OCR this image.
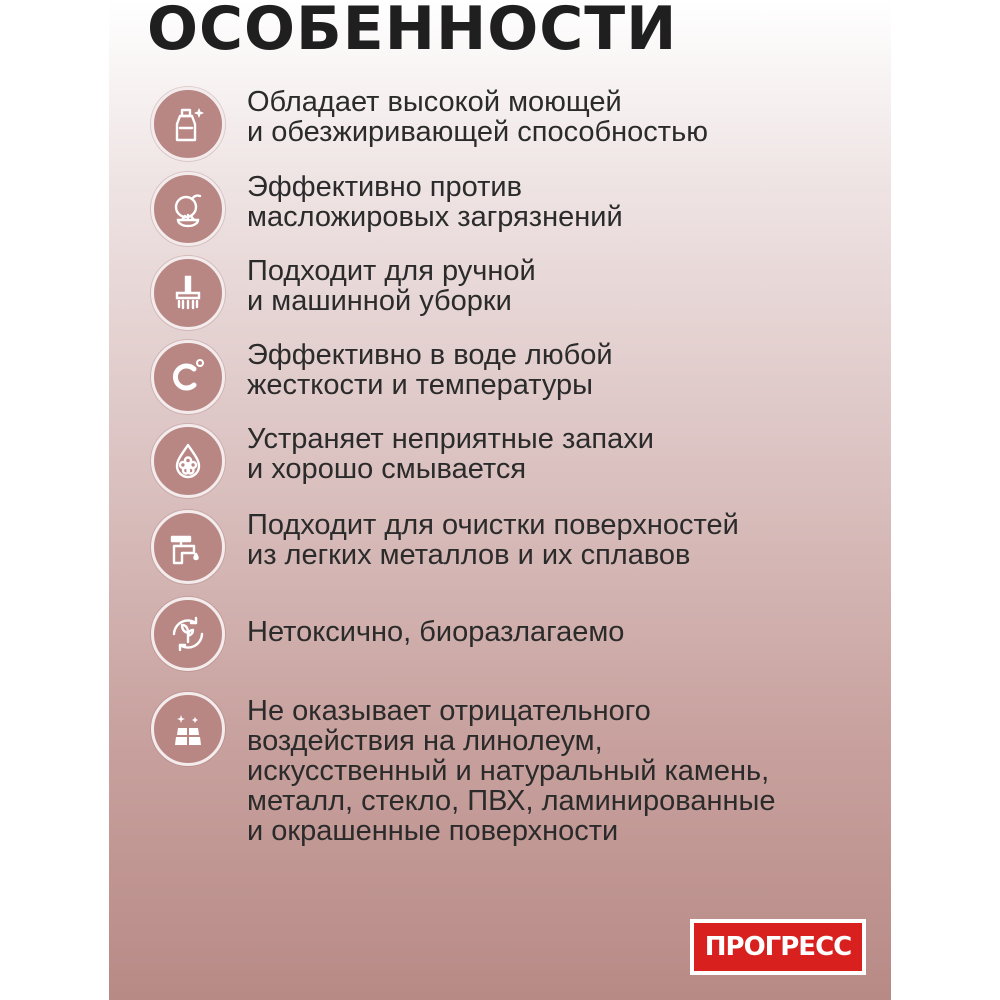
ОСОБЕННОСТИ
Обладает высокой моющей
и обезжиривающей способностью
Эффективно против
масложировых загрязнений
Подходит для ручной
и машинной уборки
Эффективно в воде любой
жесткости и температуры
Устраняет неприятные запахи
и хорошо смывается
Подходит для очистки поверхностей
из легких металлов и их сплавов
Нетоксично, биоразлагаемо
Не оказывает отрицательного
воздействия на линолеум,
искусственный и натуральный камень,
металл, стекло, ПВХ, ламинированные
и окрашенные поверхности
ПРОГРЕСС
